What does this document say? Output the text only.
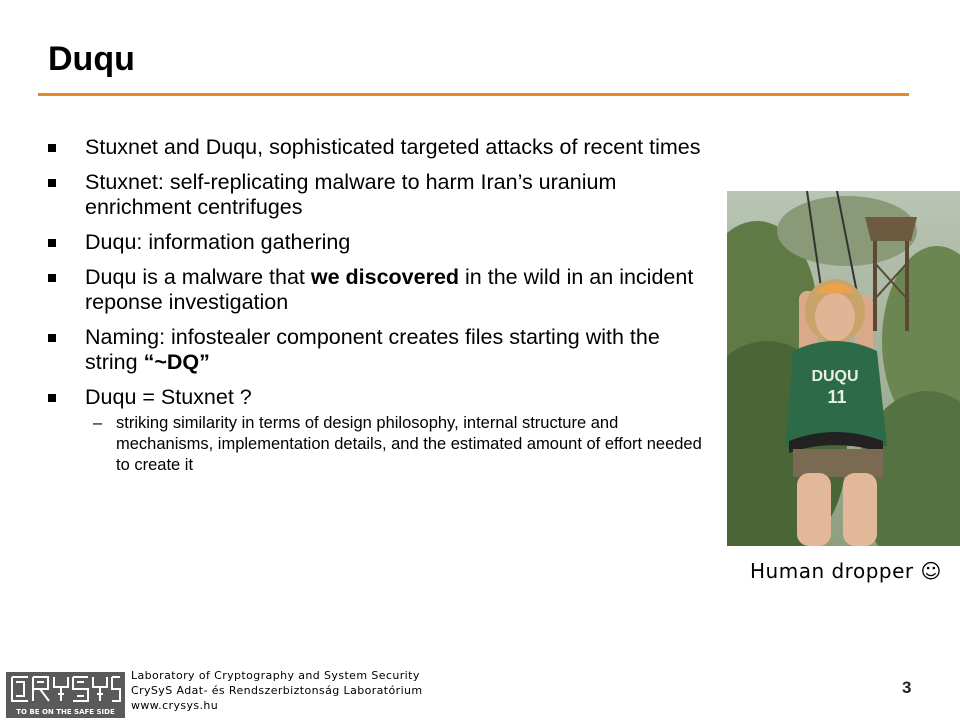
Duqu
Stuxnet and Duqu, sophisticated targeted attacks of recent times
Stuxnet: self-replicating malware to harm Iran’s uranium enrichment centrifuges
Duqu: information gathering
Duqu is a malware that we discovered in the wild in an incident reponse investigation
Naming: infostealer component creates files starting with the string “~DQ”
Duqu = Stuxnet ?
– striking similarity in terms of design philosophy, internal structure and mechanisms, implementation details, and the estimated amount of effort needed to create it
DUQU
11
Human dropper ☺
TO BE ON THE SAFE SIDE
Laboratory of Cryptography and System Security
CrySyS Adat- és Rendszerbiztonság Laboratórium
www.crysys.hu
3
